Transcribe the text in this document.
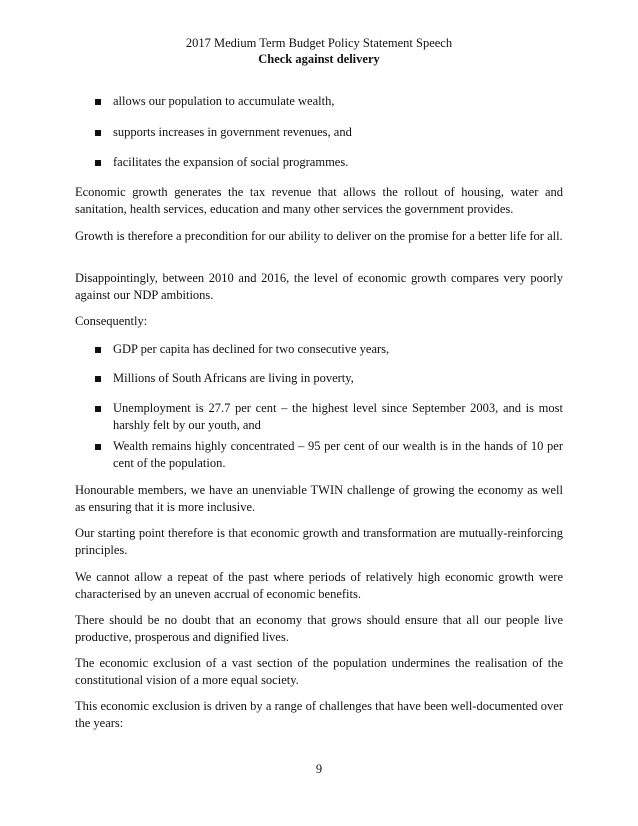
2017 Medium Term Budget Policy Statement Speech
Check against delivery
allows our population to accumulate wealth,
supports increases in government revenues, and
facilitates the expansion of social programmes.
Economic growth generates the tax revenue that allows the rollout of housing, water and sanitation, health services, education and many other services the government provides.
Growth is therefore a precondition for our ability to deliver on the promise for a better life for all.
Disappointingly, between 2010 and 2016, the level of economic growth compares very poorly against our NDP ambitions.
Consequently:
GDP per capita has declined for two consecutive years,
Millions of South Africans are living in poverty,
Unemployment is 27.7 per cent – the highest level since September 2003, and is most harshly felt by our youth, and
Wealth remains highly concentrated – 95 per cent of our wealth is in the hands of 10 per cent of the population.
Honourable members, we have an unenviable TWIN challenge of growing the economy as well as ensuring that it is more inclusive.
Our starting point therefore is that economic growth and transformation are mutually-reinforcing principles.
We cannot allow a repeat of the past where periods of relatively high economic growth were characterised by an uneven accrual of economic benefits.
There should be no doubt that an economy that grows should ensure that all our people live productive, prosperous and dignified lives.
The economic exclusion of a vast section of the population undermines the realisation of the constitutional vision of a more equal society.
This economic exclusion is driven by a range of challenges that have been well-documented over the years:
9
